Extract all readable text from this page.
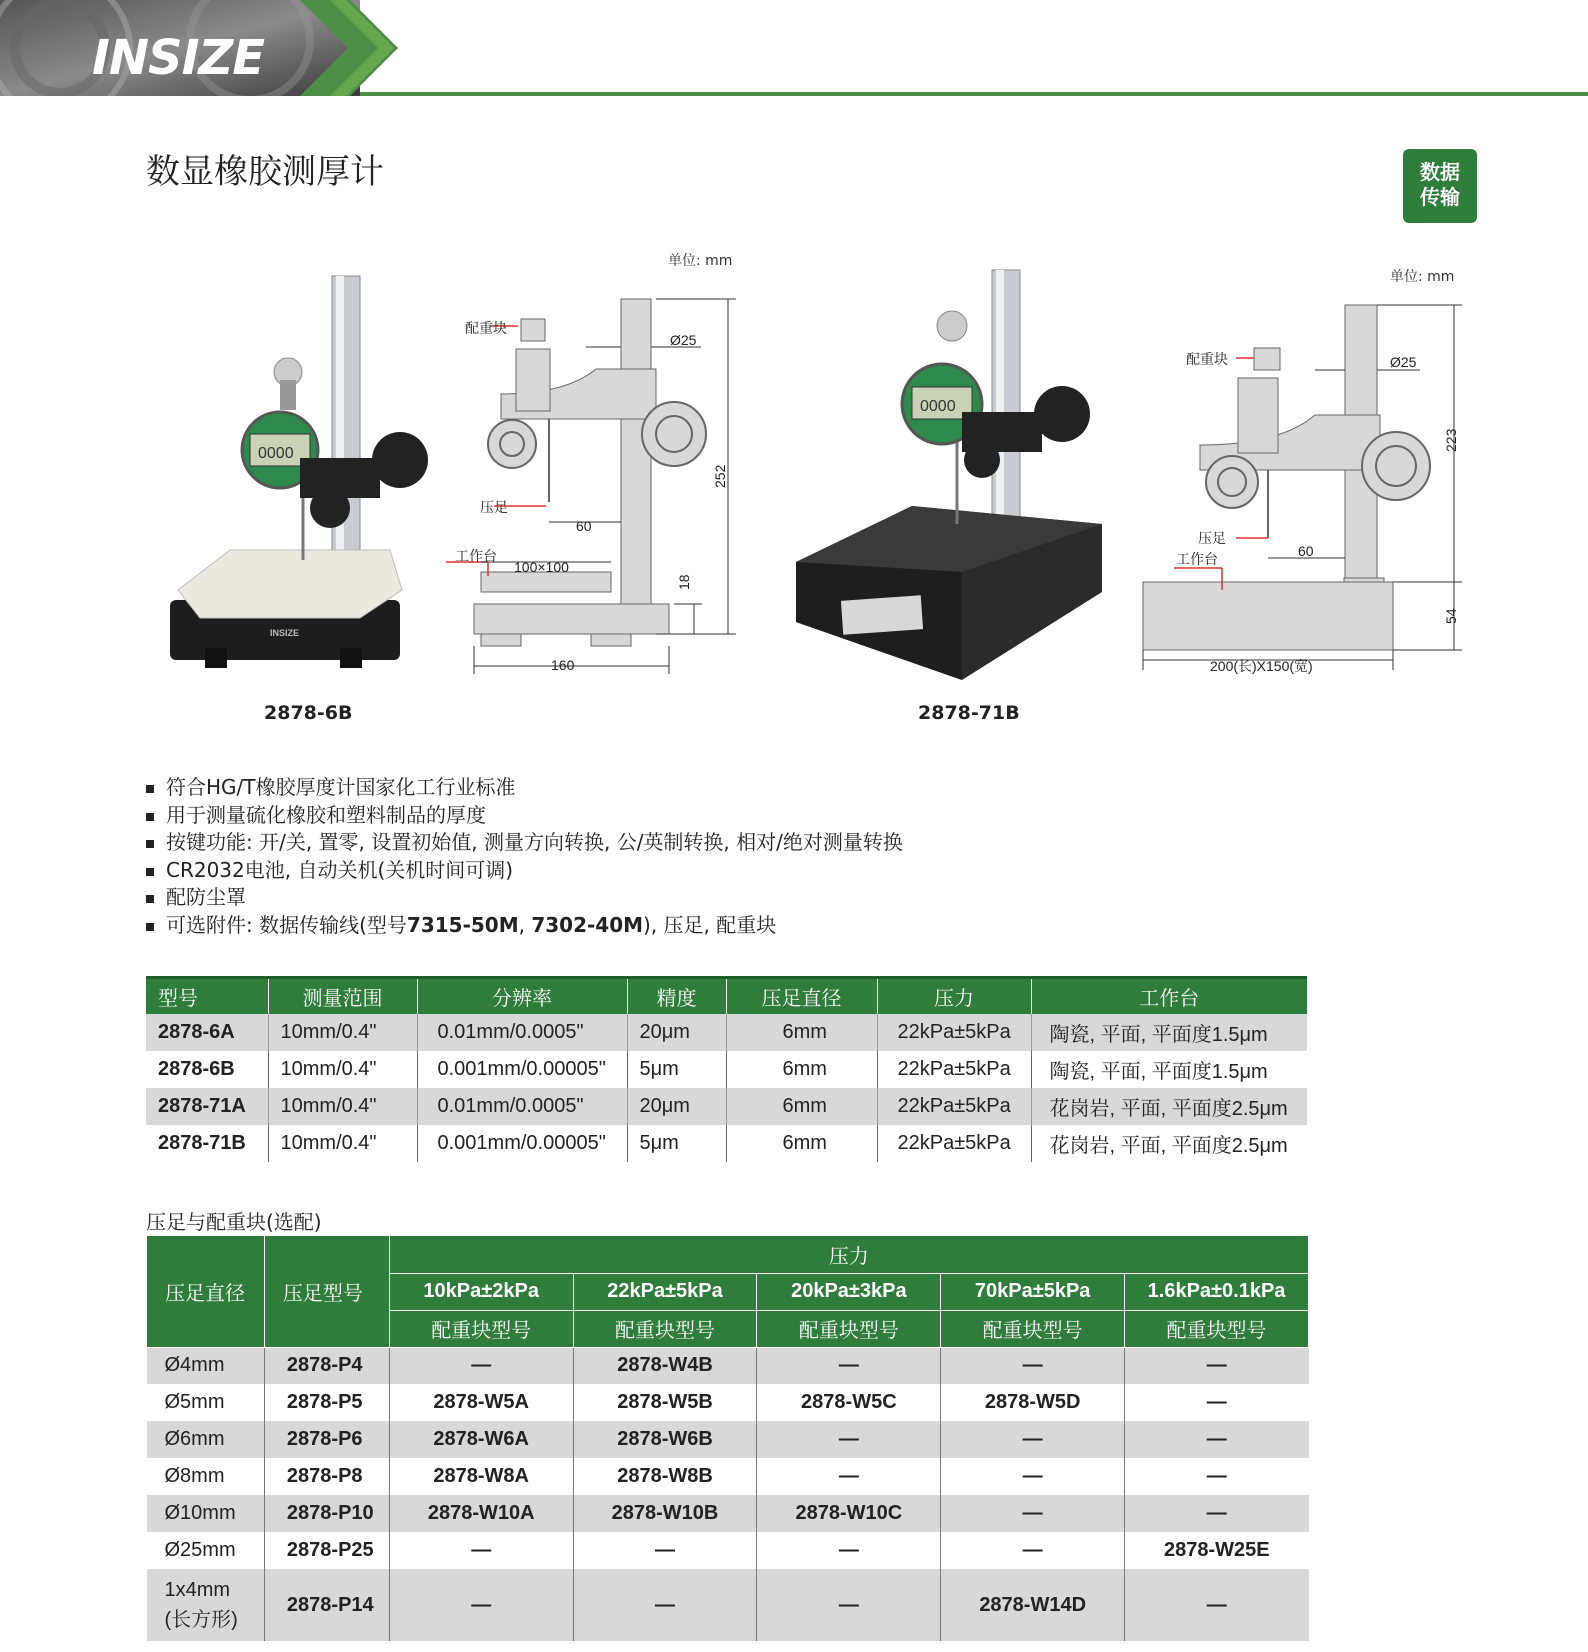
INSIZE
数显橡胶测厚计	数据
传输
INSIZE
0000
单位: mm
配重块
压足
工作台
Ø25
252
60
100×100
18
160
2878-6B
0000
单位: mm
配重块
压足
工作台
Ø25
223
60
54
200(长)X150(宽)
2878-71B
符合HG/T橡胶厚度计国家化工行业标准
用于测量硫化橡胶和塑料制品的厚度
按键功能: 开/关, 置零, 设置初始值, 测量方向转换, 公/英制转换, 相对/绝对测量转换
CR2032电池, 自动关机(关机时间可调)
配防尘罩
可选附件: 数据传输线(型号7315-50M, 7302-40M), 压足, 配重块
型号	测量范围	分辨率	精度	压足直径	压力	工作台
2878-6A	10mm/0.4"	0.01mm/0.0005"	20μm	6mm	22kPa±5kPa	陶瓷, 平面, 平面度1.5μm
2878-6B	10mm/0.4"	0.001mm/0.00005"	5μm	6mm	22kPa±5kPa	陶瓷, 平面, 平面度1.5μm
2878-71A	10mm/0.4"	0.01mm/0.0005"	20μm	6mm	22kPa±5kPa	花岗岩, 平面, 平面度2.5μm
2878-71B	10mm/0.4"	0.001mm/0.00005"	5μm	6mm	22kPa±5kPa	花岗岩, 平面, 平面度2.5μm
压足与配重块(选配)
压足直径	压足型号	压力				
		10kPa±2kPa	22kPa±5kPa	20kPa±3kPa	70kPa±5kPa	1.6kPa±0.1kPa
		配重块型号	配重块型号	配重块型号	配重块型号	配重块型号
Ø4mm	2878-P4	—	2878-W4B	—	—	—
Ø5mm	2878-P5	2878-W5A	2878-W5B	2878-W5C	2878-W5D	—
Ø6mm	2878-P6	2878-W6A	2878-W6B	—	—	—
Ø8mm	2878-P8	2878-W8A	2878-W8B	—	—	—
Ø10mm	2878-P10	2878-W10A	2878-W10B	2878-W10C	—	—
Ø25mm	2878-P25	—	—	—	—	2878-W25E
1x4mm
(长方形)	2878-P14	—	—	—	2878-W14D	—
